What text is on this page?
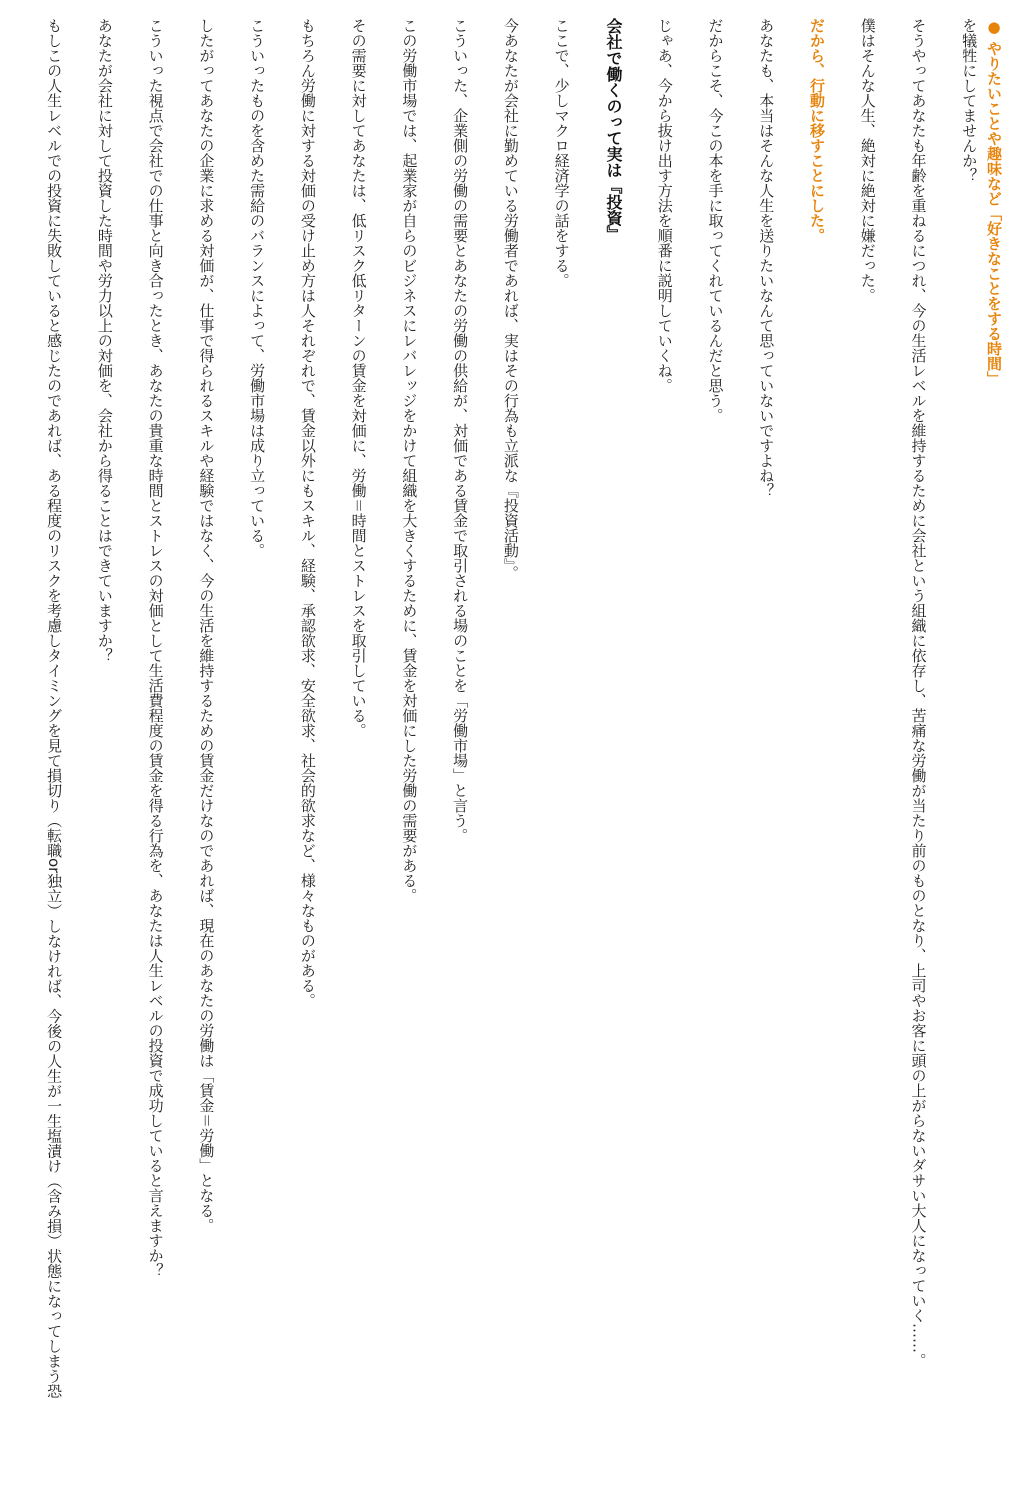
● やりたいことや趣味など「好きなことをする時間」

を犠牲にしてませんか？

そうやってあなたも年齢を重ねるにつれ、今の生活レベルを維持するために会社という組織に依存し、苦痛な労働が当たり前のものとなり、上司やお客に頭の上がらないダサい大人になっていく……。

僕はそんな人生、絶対に絶対に嫌だった。

だから、行動に移すことにした。

あなたも、本当はそんな人生を送りたいなんて思っていないですよね？

だからこそ、今この本を手に取ってくれているんだと思う。

じゃあ、今から抜け出す方法を順番に説明していくね。

会社で働くのって実は『投資』

ここで、少しマクロ経済学の話をする。

今あなたが会社に勤めている労働者であれば、実はその行為も立派な『投資活動』。

こういった、企業側の労働の需要とあなたの労働の供給が、対価である賃金で取引される場のことを「労働市場」と言う。

この労働市場では、起業家が自らのビジネスにレバレッジをかけて組織を大きくするために、賃金を対価にした労働の需要がある。

その需要に対してあなたは、低リスク低リターンの賃金を対価に、労働＝時間とストレスを取引している。

もちろん労働に対する対価の受け止め方は人それぞれで、賃金以外にもスキル、経験、承認欲求、安全欲求、社会的欲求など、様々なものがある。

こういったものを含めた需給のバランスによって、労働市場は成り立っている。

したがってあなたの企業に求める対価が、仕事で得られるスキルや経験ではなく、今の生活を維持するための賃金だけなのであれば、現在のあなたの労働は「賃金＝労働」となる。

こういった視点で会社での仕事と向き合ったとき、あなたの貴重な時間とストレスの対価として生活費程度の賃金を得る行為を、あなたは人生レベルの投資で成功していると言えますか？

あなたが会社に対して投資した時間や労力以上の対価を、会社から得ることはできていますか？

もしこの人生レベルでの投資に失敗していると感じたのであれば、ある程度のリスクを考慮しタイミングを見て損切り（転職or独立）しなければ、今後の人生が一生塩漬け（含み損）状態になってしまう恐
